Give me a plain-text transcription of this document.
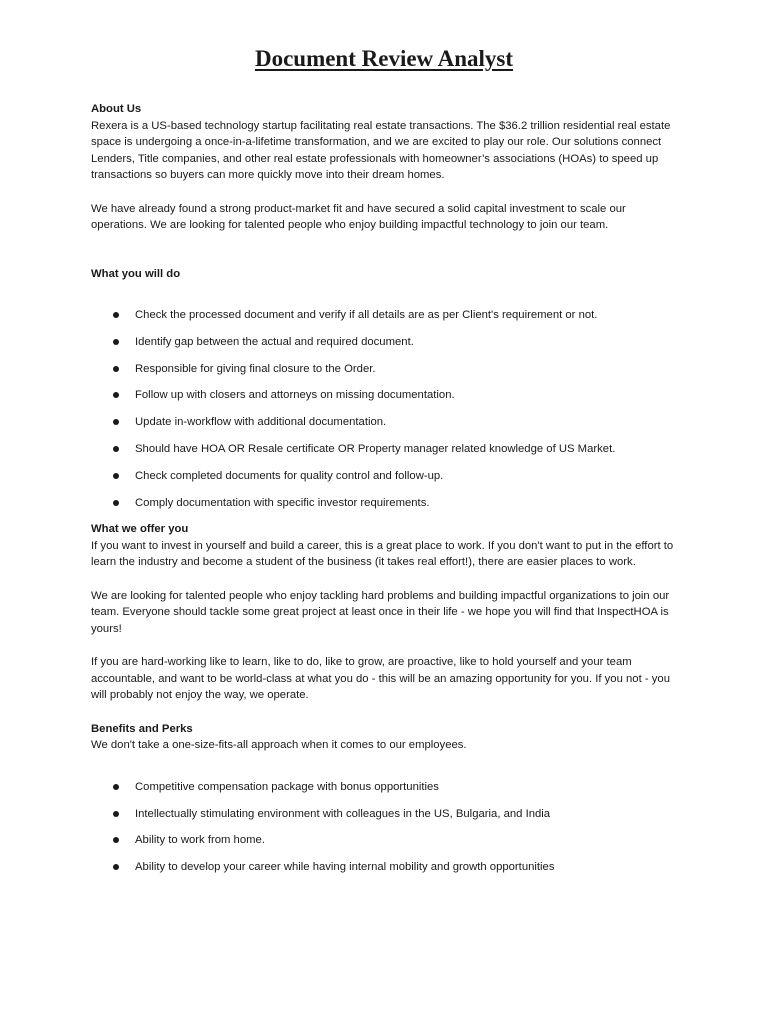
Document Review Analyst

About Us

Rexera is a US-based technology startup facilitating real estate transactions. The $36.2 trillion residential real estate space is undergoing a once-in-a-lifetime transformation, and we are excited to play our role. Our solutions connect Lenders, Title companies, and other real estate professionals with homeowner’s associations (HOAs) to speed up transactions so buyers can more quickly move into their dream homes.

We have already found a strong product-market fit and have secured a solid capital investment to scale our operations. We are looking for talented people who enjoy building impactful technology to join our team.

What you will do

Check the processed document and verify if all details are as per Client's requirement or not.
Identify gap between the actual and required document.
Responsible for giving final closure to the Order.
Follow up with closers and attorneys on missing documentation.
Update in-workflow with additional documentation.
Should have HOA OR Resale certificate OR Property manager related knowledge of US Market.
Check completed documents for quality control and follow-up.
Comply documentation with specific investor requirements.

What we offer you

If you want to invest in yourself and build a career, this is a great place to work. If you don't want to put in the effort to learn the industry and become a student of the business (it takes real effort!), there are easier places to work.

We are looking for talented people who enjoy tackling hard problems and building impactful organizations to join our team. Everyone should tackle some great project at least once in their life - we hope you will find that InspectHOA is yours!

If you are hard-working like to learn, like to do, like to grow, are proactive, like to hold yourself and your team accountable, and want to be world-class at what you do - this will be an amazing opportunity for you. If you not - you will probably not enjoy the way, we operate.

Benefits and Perks

We don't take a one-size-fits-all approach when it comes to our employees.

Competitive compensation package with bonus opportunities
Intellectually stimulating environment with colleagues in the US, Bulgaria, and India
Ability to work from home.
Ability to develop your career while having internal mobility and growth opportunities
